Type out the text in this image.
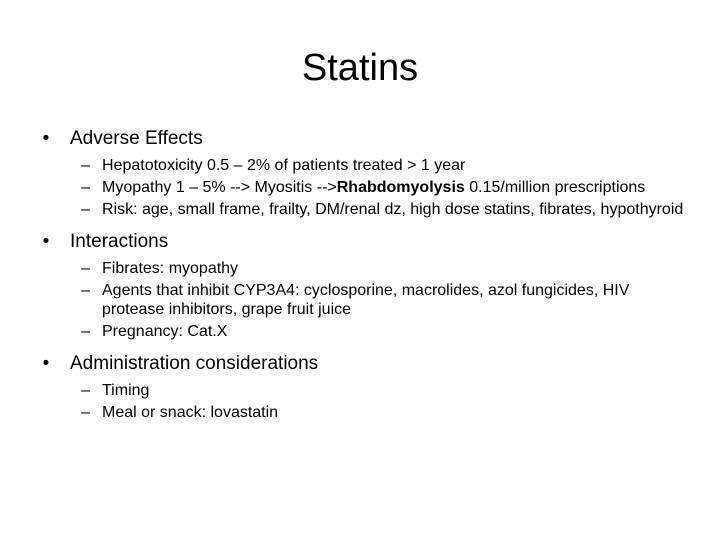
Statins
•	Adverse Effects
– Hepatotoxicity 0.5 – 2% of patients treated > 1 year
– Myopathy 1 – 5% --> Myositis -->Rhabdomyolysis 0.15/million prescriptions
– Risk: age, small frame, frailty, DM/renal dz, high dose statins, fibrates, hypothyroid
•	Interactions
– Fibrates: myopathy
– Agents that inhibit CYP3A4: cyclosporine, macrolides, azol fungicides, HIV protease inhibitors, grape fruit juice
– Pregnancy: Cat.X
•	Administration considerations
– Timing
– Meal or snack: lovastatin
